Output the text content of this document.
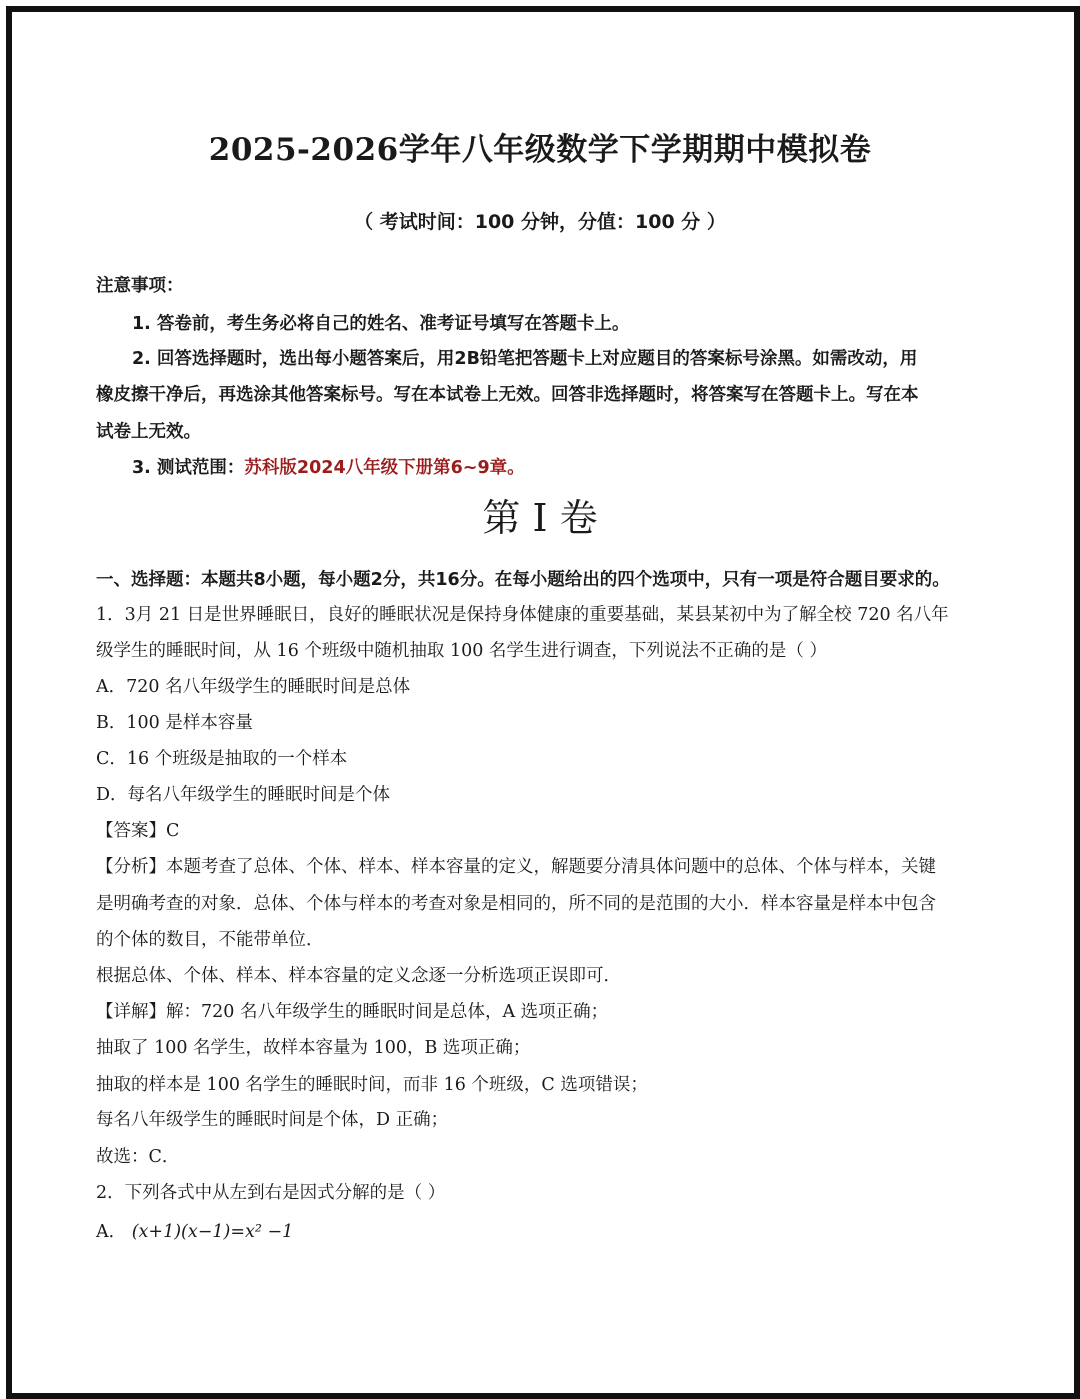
2025-2026学年八年级数学下学期期中模拟卷
（ 考试时间：100 分钟，分值：100 分 ）
注意事项：
1. 答卷前，考生务必将自己的姓名、准考证号填写在答题卡上。
2. 回答选择题时，选出每小题答案后，用2B铅笔把答题卡上对应题目的答案标号涂黑。如需改动，用
橡皮擦干净后，再选涂其他答案标号。写在本试卷上无效。回答非选择题时，将答案写在答题卡上。写在本
试卷上无效。
3. 测试范围：苏科版2024八年级下册第6~9章。
第 I 卷
一、选择题：本题共8小题，每小题2分，共16分。在每小题给出的四个选项中，只有一项是符合题目要求的。
1．3月 21 日是世界睡眠日，良好的睡眠状况是保持身体健康的重要基础，某县某初中为了解全校 720 名八年
级学生的睡眠时间，从 16 个班级中随机抽取 100 名学生进行调查，下列说法不正确的是（ ）
A．720 名八年级学生的睡眠时间是总体
B．100 是样本容量
C．16 个班级是抽取的一个样本
D．每名八年级学生的睡眠时间是个体
【答案】C
【分析】本题考查了总体、个体、样本、样本容量的定义，解题要分清具体问题中的总体、个体与样本，关键
是明确考查的对象．总体、个体与样本的考查对象是相同的，所不同的是范围的大小．样本容量是样本中包含
的个体的数目，不能带单位．
根据总体、个体、样本、样本容量的定义念逐一分析选项正误即可．
【详解】解：720 名八年级学生的睡眠时间是总体，A 选项正确；
抽取了 100 名学生，故样本容量为 100，B 选项正确；
抽取的样本是 100 名学生的睡眠时间，而非 16 个班级，C 选项错误；
每名八年级学生的睡眠时间是个体，D 正确；
故选：C．
2．下列各式中从左到右是因式分解的是（ ）
A． (x+1)(x−1)=x² −1
